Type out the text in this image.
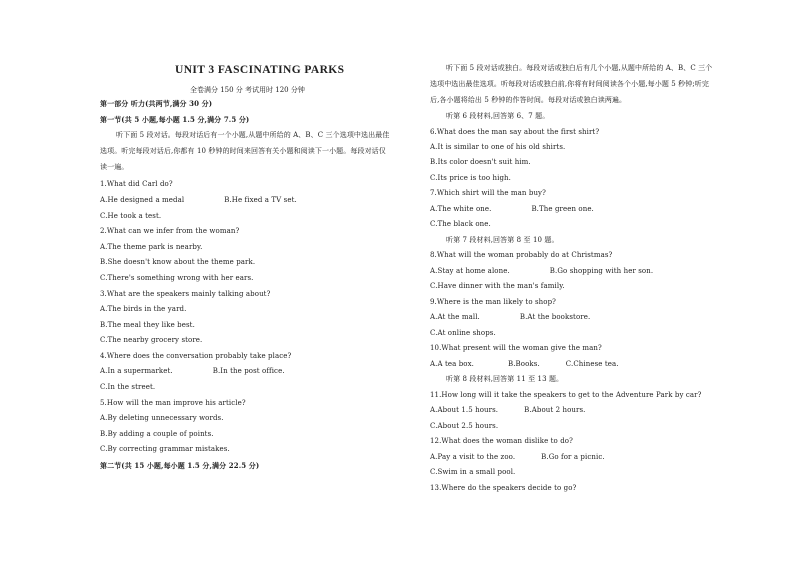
UNIT 3 FASCINATING PARKS
全卷满分 150 分 考试用时 120 分钟
第一部分 听力(共两节,满分 30 分)
第一节(共 5 小题,每小题 1.5 分,满分 7.5 分)
听下面 5 段对话。每段对话后有一个小题,从题中所给的 A、B、C 三个选项中选出最佳
选项。听完每段对话后,你都有 10 秒钟的时间来回答有关小题和阅读下一小题。每段对话仅
读一遍。
1.What did Carl do?
A.He designed a medal	B.He fixed a TV set.
C.He took a test.
2.What can we infer from the woman?
A.The theme park is nearby.
B.She doesn't know about the theme park.
C.There's something wrong with her ears.
3.What are the speakers mainly talking about?
A.The birds in the yard.
B.The meal they like best.
C.The nearby grocery store.
4.Where does the conversation probably take place?
A.In a supermarket.	B.In the post office.
C.In the street.
5.How will the man improve his article?
A.By deleting unnecessary words.
B.By adding a couple of points.
C.By correcting grammar mistakes.
第二节(共 15 小题,每小题 1.5 分,满分 22.5 分)
听下面 5 段对话或独白。每段对话或独白后有几个小题,从题中所给的 A、B、C 三个
选项中选出最佳选项。听每段对话或独白前,你将有时间阅读各个小题,每小题 5 秒钟;听完
后,各小题将给出 5 秒钟的作答时间。每段对话或独白读两遍。
听第 6 段材料,回答第 6、7 题。
6.What does the man say about the first shirt?
A.It is similar to one of his old shirts.
B.Its color doesn't suit him.
C.Its price is too high.
7.Which shirt will the man buy?
A.The white one.	B.The green one.
C.The black one.
听第 7 段材料,回答第 8 至 10 题。
8.What will the woman probably do at Christmas?
A.Stay at home alone.	B.Go shopping with her son.
C.Have dinner with the man's family.
9.Where is the man likely to shop?
A.At the mall.	B.At the bookstore.
C.At online shops.
10.What present will the woman give the man?
A.A tea box.	B.Books.	C.Chinese tea.
听第 8 段材料,回答第 11 至 13 题。
11.How long will it take the speakers to get to the Adventure Park by car?
A.About 1.5 hours.	B.About 2 hours.
C.About 2.5 hours.
12.What does the woman dislike to do?
A.Pay a visit to the zoo.	B.Go for a picnic.
C.Swim in a small pool.
13.Where do the speakers decide to go?
